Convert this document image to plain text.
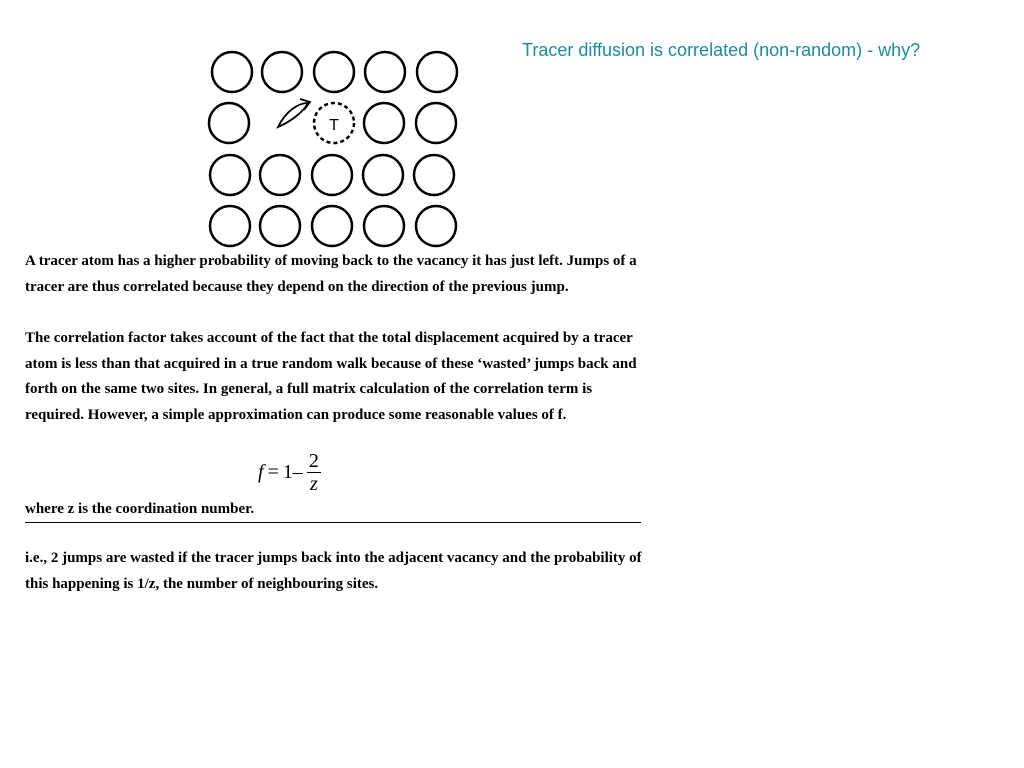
Tracer diffusion is correlated (non-random) - why?
T
A tracer atom has a higher probability of moving back to the vacancy it has just left. Jumps of a tracer are thus correlated because they depend on the direction of the previous jump.
The correlation factor takes account of the fact that the total displacement acquired by a tracer atom is less than that acquired in a true random walk because of these ‘wasted’ jumps back and forth on the same two sites. In general, a full matrix calculation of the correlation term is required. However, a simple approximation can produce some reasonable values of f.
$f = 1 - \frac{2}{z}$
where z is the coordination number.
i.e., 2 jumps are wasted if the tracer jumps back into the adjacent vacancy and the probability of this happening is 1/z, the number of neighbouring sites.
